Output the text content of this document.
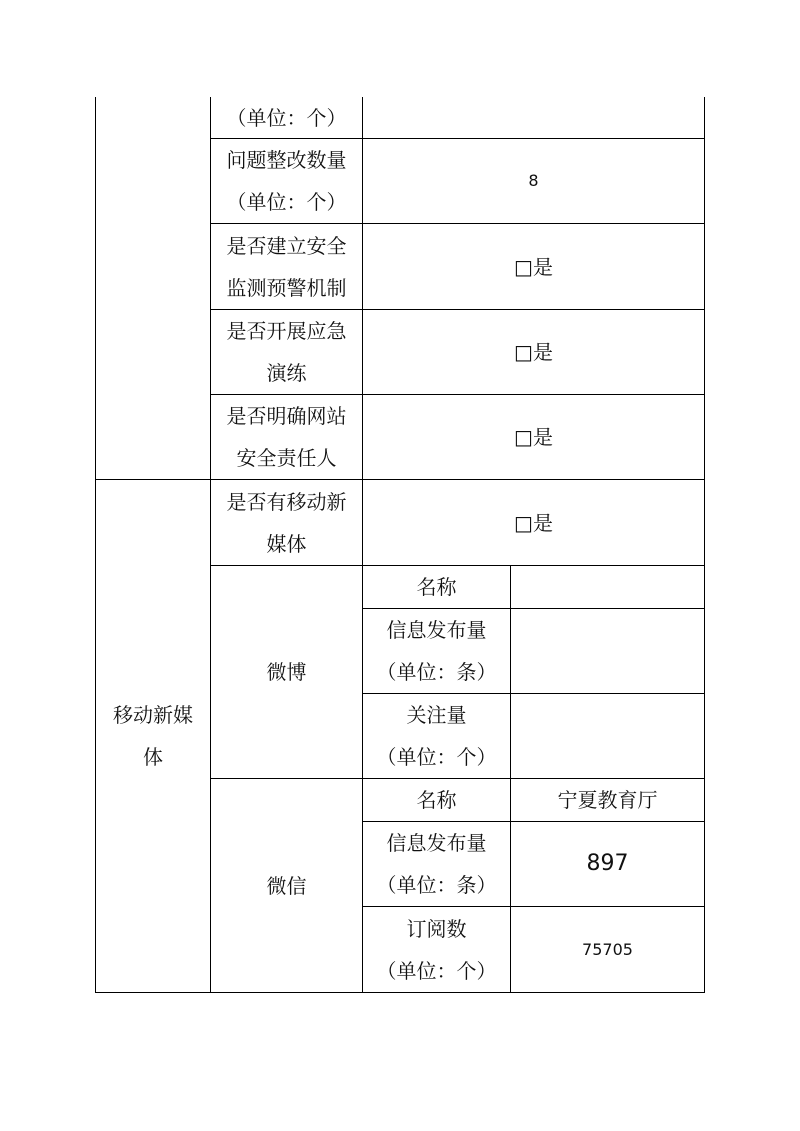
（单位：个）
问题整改数量
（单位：个）
8
是否建立安全
监测预警机制
□是
是否开展应急
演练
□是
是否明确网站
安全责任人
□是
移动新媒
体
是否有移动新
媒体
□是
微博
名称
信息发布量
（单位：条）
关注量
（单位：个）
微信
名称	宁夏教育厅
信息发布量
（单位：条）
897
订阅数
（单位：个）
75705
